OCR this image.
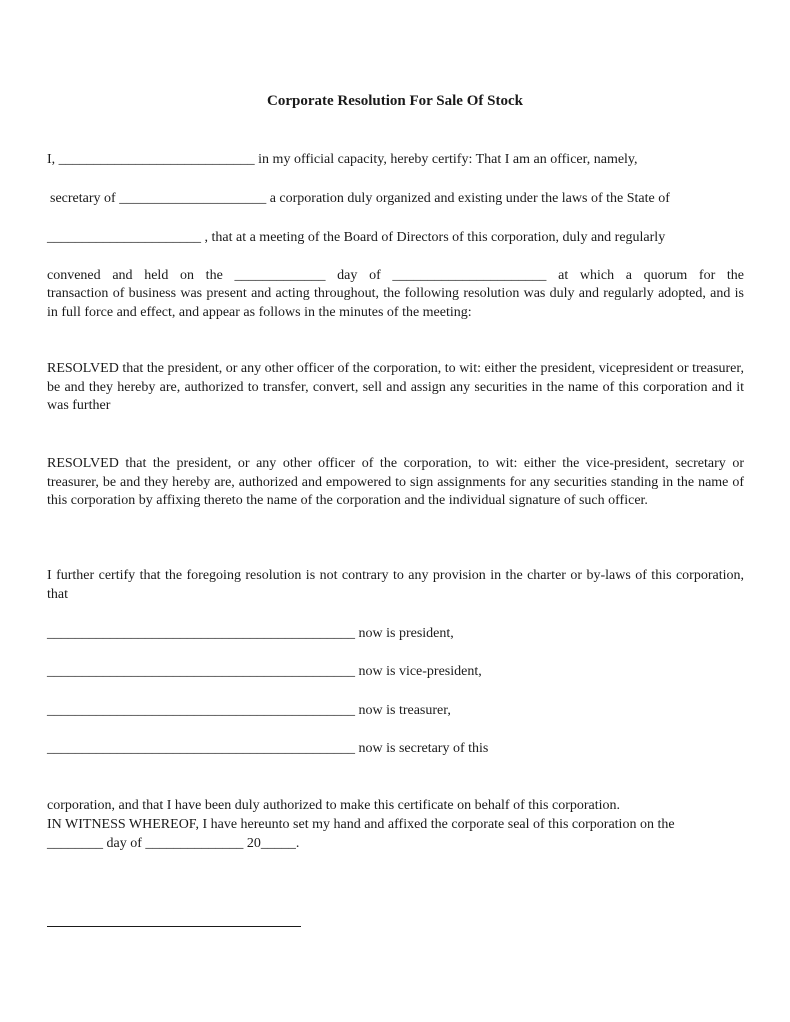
Corporate Resolution For Sale Of Stock
I, ____________________________ in my official capacity, hereby certify: That I am an officer, namely,
secretary of _____________________ a corporation duly organized and existing under the laws of the State of
______________________ , that at a meeting of the Board of Directors of this corporation, duly and regularly
convened and held on the _____________ day of ______________________ at which a quorum for the
transaction of business was present and acting throughout, the following resolution was duly and regularly adopted, and is in full force and effect, and appear as follows in the minutes of the meeting:
RESOLVED that the president, or any other officer of the corporation, to wit: either the president, vicepresident or treasurer, be and they hereby are, authorized to transfer, convert, sell and assign any securities in the name of this corporation and it was further
RESOLVED that the president, or any other officer of the corporation, to wit: either the vice-president, secretary or treasurer, be and they hereby are, authorized and empowered to sign assignments for any securities standing in the name of this corporation by affixing thereto the name of the corporation and the individual signature of such officer.
I further certify that the foregoing resolution is not contrary to any provision in the charter or by-laws of this corporation, that
____________________________________________ now is president,
____________________________________________ now is vice-president,
____________________________________________ now is treasurer,
____________________________________________ now is secretary of this
corporation, and that I have been duly authorized to make this certificate on behalf of this corporation.
IN WITNESS WHEREOF, I have hereunto set my hand and affixed the corporate seal of this corporation on the
________ day of ______________ 20_____.
